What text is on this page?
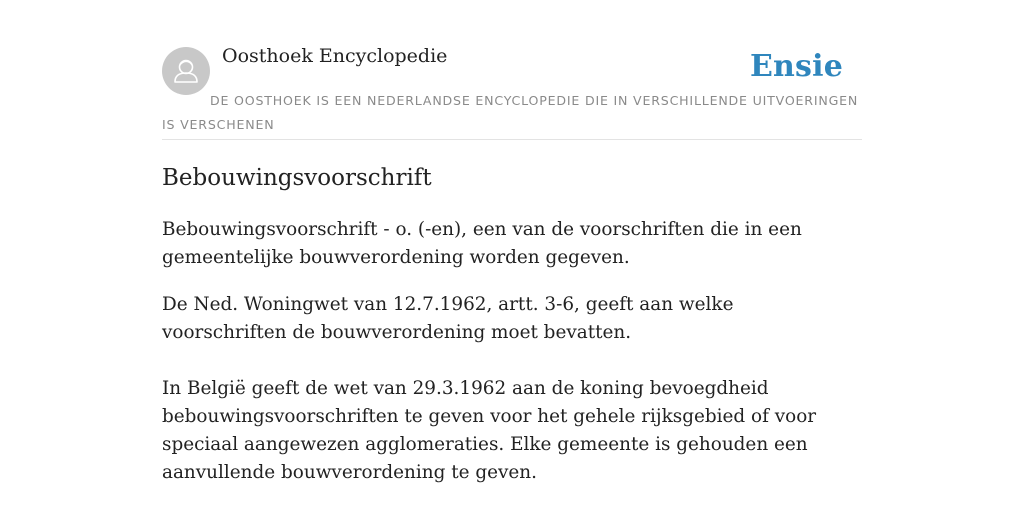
Oosthoek Encyclopedie	Ensie
DE OOSTHOEK IS EEN NEDERLANDSE ENCYCLOPEDIE DIE IN VERSCHILLENDE UITVOERINGEN IS VERSCHENEN
Bebouwingsvoorschrift

Bebouwingsvoorschrift - o. (-en), een van de voorschriften die in een gemeentelijke bouwverordening worden gegeven.

De Ned. Woningwet van 12.7.1962, artt. 3-6, geeft aan welke voorschriften de bouwverordening moet bevatten.

In België geeft de wet van 29.3.1962 aan de koning bevoegdheid bebouwingsvoorschriften te geven voor het gehele rijksgebied of voor speciaal aangewezen agglomeraties. Elke gemeente is gehouden een aanvullende bouwverordening te geven.
